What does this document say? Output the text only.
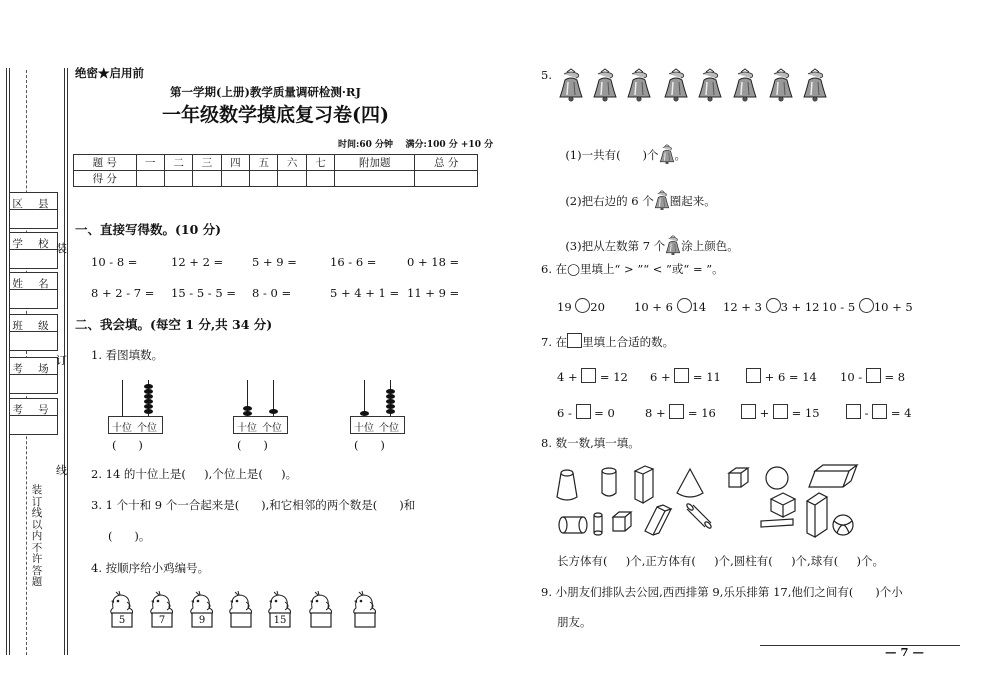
区 县
学 校
姓 名
班 级
考 场
考 号
装
订
线
装
订
线
以
内
不
许
答
题
绝密★启用前
第一学期(上册)教学质量调研检测·RJ
一年级数学摸底复习卷(四)
时间:60 分钟    满分:100 分 +10 分
题 号	一	二	三	四	五	六	七	附加题	总 分
得 分									
一、直接写得数。(10 分)
10 - 8 =	12 + 2 =	5 + 9 =	16 - 6 =	0 + 18 =
8 + 2 - 7 = 15 - 5 - 5 = 8 - 0 =	5 + 4 + 1 = 11 + 9 =
二、我会填。(每空 1 分,共 34 分)
1. 看图填数。
十位 个位
(      )
十位 个位
(      )
十位 个位
(      )
2. 14 的十位上是(     ),个位上是(     )。
3. 1 个十和 9 个一合起来是(      ),和它相邻的两个数是(      )和
(      )。
4. 按顺序给小鸡编号。
5	7	9	15
5.

(1)一共有(      )个 。

(2)把右边的 6 个 圈起来。

(3)把从左数第 7 个 涂上颜色。

6. 在◯里填上“ > ”“ < ”或“ = ”。
19 20	10 + 6 14 12 + 3 3 + 12 10 - 5 10 + 5
7. 在 里填上合适的数。
4 + = 12 6 + = 11	+ 6 = 14 10 - = 8
6 - = 0	8 + = 16	+ = 15	- = 4
8. 数一数,填一填。
长方体有(     )个,正方体有(     )个,圆柱有(     )个,球有(     )个。
9. 小朋友们排队去公园,西西排第 9,乐乐排第 17,他们之间有(      )个小
朋友。
— 7 —
